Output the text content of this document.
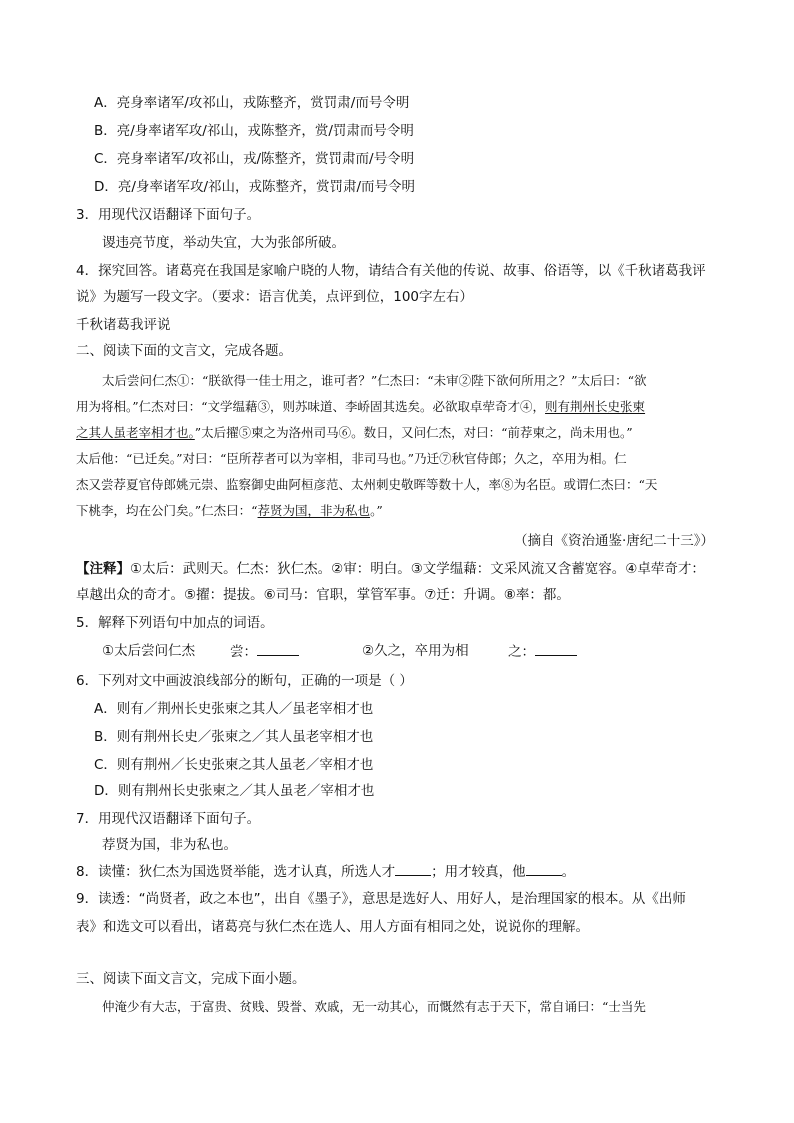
A．亮身率诸军/攻祁山，戎陈整齐，赏罚肃/而号令明
B．亮/身率诸军攻/祁山，戎陈整齐，赏/罚肃而号令明
C．亮身率诸军/攻祁山，戎/陈整齐，赏罚肃而/号令明
D．亮/身率诸军攻/祁山，戎陈整齐，赏罚肃/而号令明
3．用现代汉语翻译下面句子。
谡违亮节度，举动失宜，大为张郃所破。
4．探究回答。诸葛亮在我国是家喻户晓的人物，请结合有关他的传说、故事、俗语等，以《千秋诸葛我评
说》为题写一段文字。（要求：语言优美，点评到位，100字左右）
千秋诸葛我评说
二、阅读下面的文言文，完成各题。
太后尝问仁杰①：“朕欲得一佳士用之，谁可者？”仁杰曰：“未审②陛下欲何所用之？”太后曰：“欲
用为将相。”仁杰对曰：“文学缊藉③，则苏味道、李峤固其选矣。必欲取卓荦奇才④，则有荆州长史张柬
之其人虽老宰相才也。”太后擢⑤柬之为洛州司马⑥。数日，又问仁杰，对曰：“前荐柬之，尚未用也。”
太后他：“已迁矣。”对曰：“臣所荐者可以为宰相，非司马也。”乃迁⑦秋官侍郎；久之，卒用为相。仁
杰又尝荐夏官侍郎姚元崇、监察御史曲阿桓彦范、太州刺史敬晖等数十人，率⑧为名臣。或谓仁杰曰：“天
下桃李，均在公门矣。”仁杰曰：“荐贤为国，非为私也。”
（摘自《资治通鉴·唐纪二十三》）
【注释】①太后：武则天。仁杰：狄仁杰。②审：明白。③文学缊藉：文采风流又含蓄宽容。④卓荦奇才：
卓越出众的奇才。⑤擢：提拔。⑥司马：官职，掌管军事。⑦迁：升调。⑧率：都。
5．解释下列语句中加点的词语。
①太后尝问仁杰	尝：	②久之，卒用为相	之：
6．下列对文中画波浪线部分的断句，正确的一项是（ ）
A．则有／荆州长史张柬之其人／虽老宰相才也
B．则有荆州长史／张柬之／其人虽老宰相才也
C．则有荆州／长史张柬之其人虽老／宰相才也
D．则有荆州长史张柬之／其人虽老／宰相才也
7．用现代汉语翻译下面句子。
荐贤为国，非为私也。
8．读懂：狄仁杰为国选贤举能，选才认真，所选人才	；用才较真，他	。
9．读透：“尚贤者，政之本也”，出自《墨子》，意思是选好人、用好人，是治理国家的根本。从《出师
表》和选文可以看出，诸葛亮与狄仁杰在选人、用人方面有相同之处，说说你的理解。
三、阅读下面文言文，完成下面小题。
仲淹少有大志，于富贵、贫贱、毁誉、欢戚，无一动其心，而慨然有志于天下，常自诵曰：“士当先
